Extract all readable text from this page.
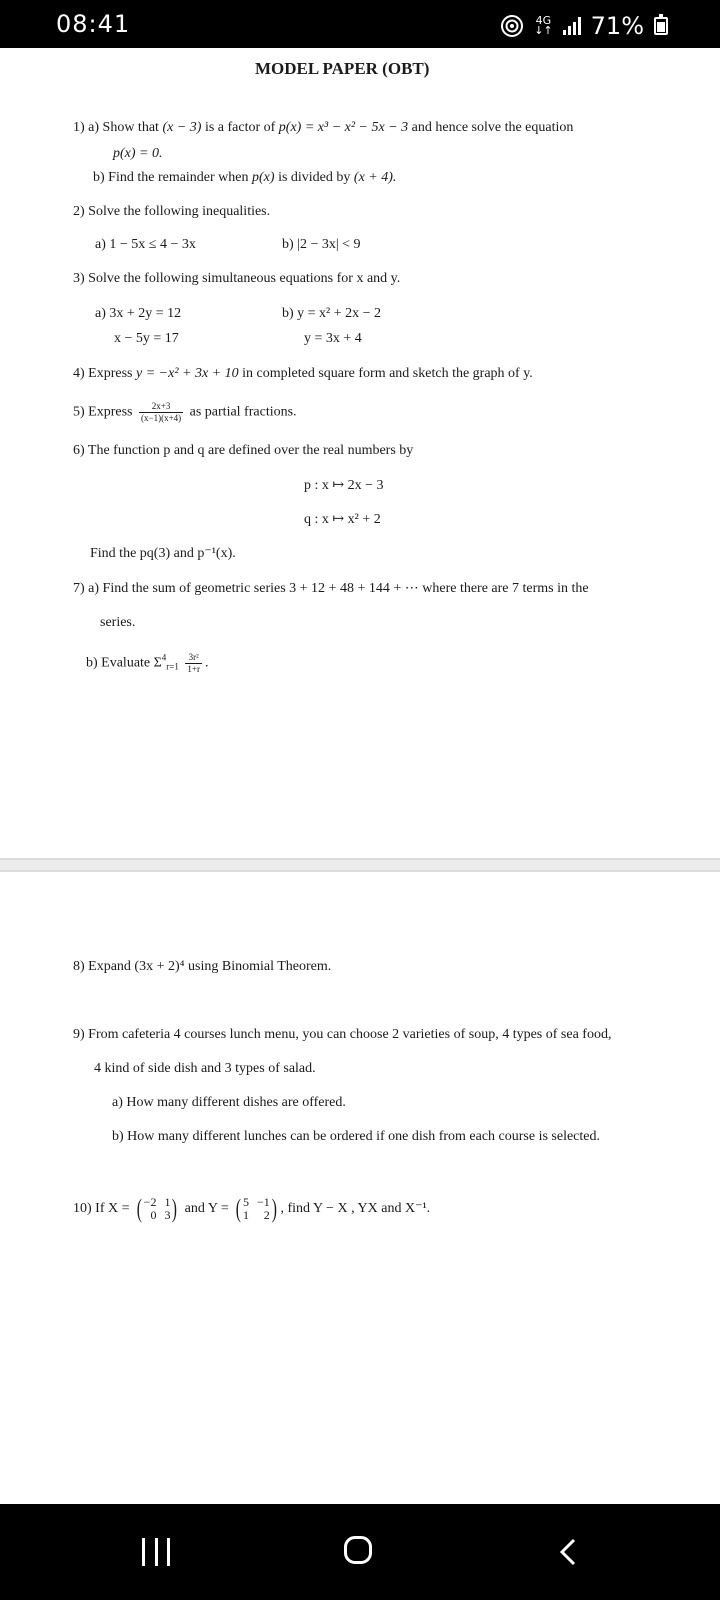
08:41	4G
↓↑ 71%
MODEL PAPER (OBT)
1) a) Show that (x − 3) is a factor of p(x) = x³ − x² − 5x − 3 and hence solve the equation
p(x) = 0.
b) Find the remainder when p(x) is divided by (x + 4).
2) Solve the following inequalities.
a) 1 − 5x ≤ 4 − 3x	b) |2 − 3x| < 9
3) Solve the following simultaneous equations for x and y.
a) 3x + 2y = 12
x − 5y = 17
b) y = x² + 2x − 2
y = 3x + 4
4) Express y = −x² + 3x + 10 in completed square form and sketch the graph of y.
5) Express $\frac{2x+3}{(x-1)(x+4)}$ as partial fractions.
6) The function p and q are defined over the real numbers by
p : x ↦ 2x − 3
q : x ↦ x² + 2
Find the pq(3) and p⁻¹(x).
7) a) Find the sum of geometric series 3 + 12 + 48 + 144 + ⋯ where there are 7 terms in the
series.
b) Evaluate $\Sigma^4_{r=1} \frac{\text{3r²}}{1+r}$ .
8) Expand (3x + 2)⁴ using Binomial Theorem.
9) From cafeteria 4 courses lunch menu, you can choose 2 varieties of soup, 4 types of sea food,
4 kind of side dish and 3 types of salad.
a) How many different dishes are offered.
b) How many different lunches can be ordered if one dish from each course is selected.
10) If X = ( −2 1
0 3 ) and Y = ( 5 −1
1	2 ) , find Y − X , YX and X⁻¹.
